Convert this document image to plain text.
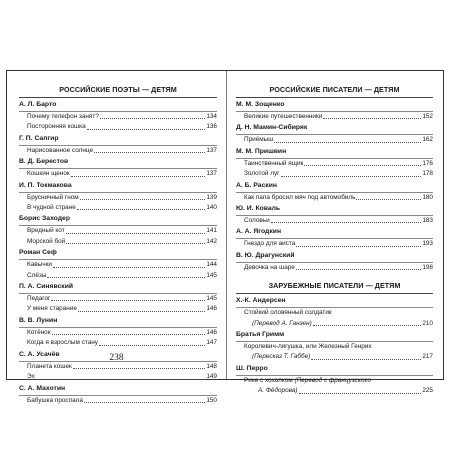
РОССИЙСКИЕ ПОЭТЫ — ДЕТЯМ
А. Л. Барто
Почему телефон занят?	134
Посторонняя кошка	136
Г. П. Сапгир
Нарисованное солнце	137
В. Д. Берестов
Кошкин щенок	137
И. П. Токмакова
Брусничный гном	139
В чудной стране	140
Борис Заходер
Вредный кот	141
Морской бой	142
Роман Сеф
Кавычки	144
Слёзы	145
П. А. Синявский
Педагог	145
У меня старание	146
В. В. Лунин
Котёнок	146
Когда я взрослым стану	147
С. А. Усачёв
Планета кошек	148
Эх	149
С. А. Махотин
Бабушка проспала	150
238
РОССИЙСКИЕ ПИСАТЕЛИ — ДЕТЯМ
М. М. Зощенко
Великие путешественники	152
Д. Н. Мамин-Сибиряк
Приёмыш	162
М. М. Пришвин
Таинственный ящик	176
Золотой луг	178
А. Б. Раскин
Как папа бросил мяч под автомобиль	180
Ю. И. Коваль
Соловьи	183
А. А. Ягодкин
Гнездо для аиста	193
В. Ю. Драгунский
Девочка на шаре	198
ЗАРУБЕЖНЫЕ ПИСАТЕЛИ — ДЕТЯМ
Х.-К. Андерсен
Стойкий оловянный солдатик
(Перевод А. Ганзен)	210
Братья Гримм
Королевич-лягушка, или Железный Генрих
(Пересказ Т. Габбе)	217
Ш. Перро
Рике с хохолком (Перевод с французского
А. Фёдорова)	225
